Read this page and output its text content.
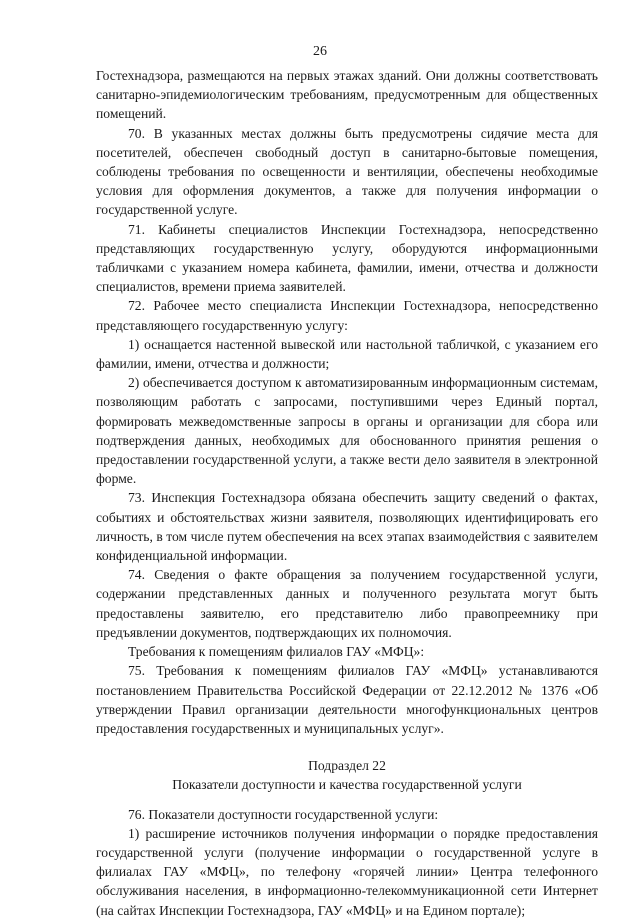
26

Гостехнадзора, размещаются на первых этажах зданий. Они должны соответствовать санитарно-эпидемиологическим требованиям, предусмотренным для общественных помещений.

70. В указанных местах должны быть предусмотрены сидячие места для посетителей, обеспечен свободный доступ в санитарно-бытовые помещения, соблюдены требования по освещенности и вентиляции, обеспечены необходимые условия для оформления документов, а также для получения информации о государственной услуге.

71. Кабинеты специалистов Инспекции Гостехнадзора, непосредственно представляющих государственную услугу, оборудуются информационными табличками с указанием номера кабинета, фамилии, имени, отчества и должности специалистов, времени приема заявителей.

72. Рабочее место специалиста Инспекции Гостехнадзора, непосредственно представляющего государственную услугу:

1) оснащается настенной вывеской или настольной табличкой, с указанием его фамилии, имени, отчества и должности;

2) обеспечивается доступом к автоматизированным информационным системам, позволяющим работать с запросами, поступившими через Единый портал, формировать межведомственные запросы в органы и организации для сбора или подтверждения данных, необходимых для обоснованного принятия решения о предоставлении государственной услуги, а также вести дело заявителя в электронной форме.

73. Инспекция Гостехнадзора обязана обеспечить защиту сведений о фактах, событиях и обстоятельствах жизни заявителя, позволяющих идентифицировать его личность, в том числе путем обеспечения на всех этапах взаимодействия с заявителем конфиденциальной информации.

74. Сведения о факте обращения за получением государственной услуги, содержании представленных данных и полученного результата могут быть предоставлены заявителю, его представителю либо правопреемнику при предъявлении документов, подтверждающих их полномочия.

Требования к помещениям филиалов ГАУ «МФЦ»:

75. Требования к помещениям филиалов ГАУ «МФЦ» устанавливаются постановлением Правительства Российской Федерации от 22.12.2012 № 1376 «Об утверждении Правил организации деятельности многофункциональных центров предоставления государственных и муниципальных услуг».

Подраздел 22

Показатели доступности и качества государственной услуги

76. Показатели доступности государственной услуги:

1) расширение источников получения информации о порядке предоставления государственной услуги (получение информации о государственной услуге в филиалах ГАУ «МФЦ», по телефону «горячей линии» Центра телефонного обслуживания населения, в информационно-телекоммуникационной сети Интернет (на сайтах Инспекции Гостехнадзора, ГАУ «МФЦ» и на Едином портале);
